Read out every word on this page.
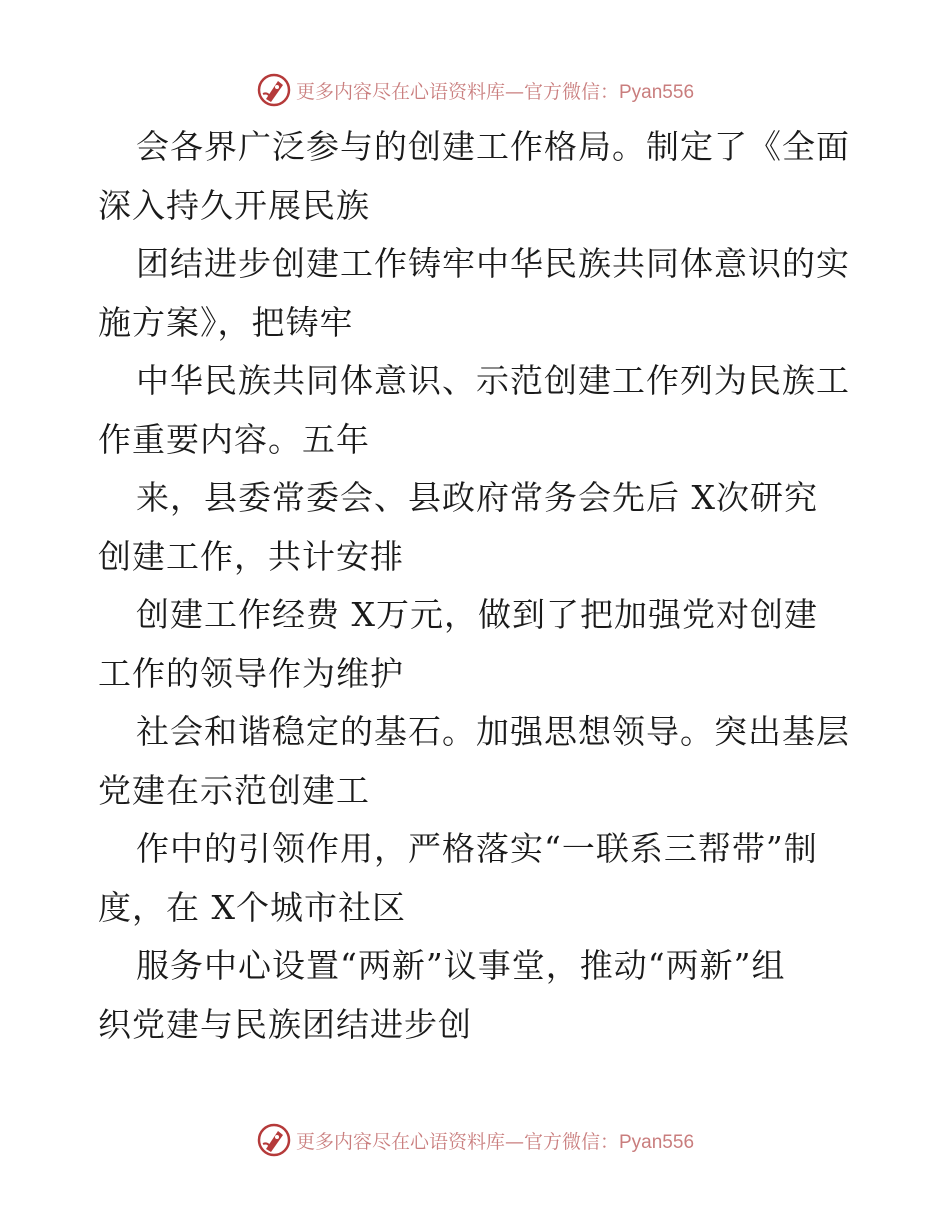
更多内容尽在心语资料库—官方微信：Pyan556
会各界广泛参与的创建工作格局。制定了《全面
深入持久开展民族
团结进步创建工作铸牢中华民族共同体意识的实
施方案》，把铸牢
中华民族共同体意识、示范创建工作列为民族工
作重要内容。五年
来，县委常委会、县政府常务会先后 X次研究
创建工作，共计安排
创建工作经费 X万元，做到了把加强党对创建
工作的领导作为维护
社会和谐稳定的基石。加强思想领导。突出基层
党建在示范创建工
作中的引领作用，严格落实“一联系三帮带”制
度，在 X个城市社区
服务中心设置“两新”议事堂，推动“两新”组
织党建与民族团结进步创
更多内容尽在心语资料库—官方微信：Pyan556
